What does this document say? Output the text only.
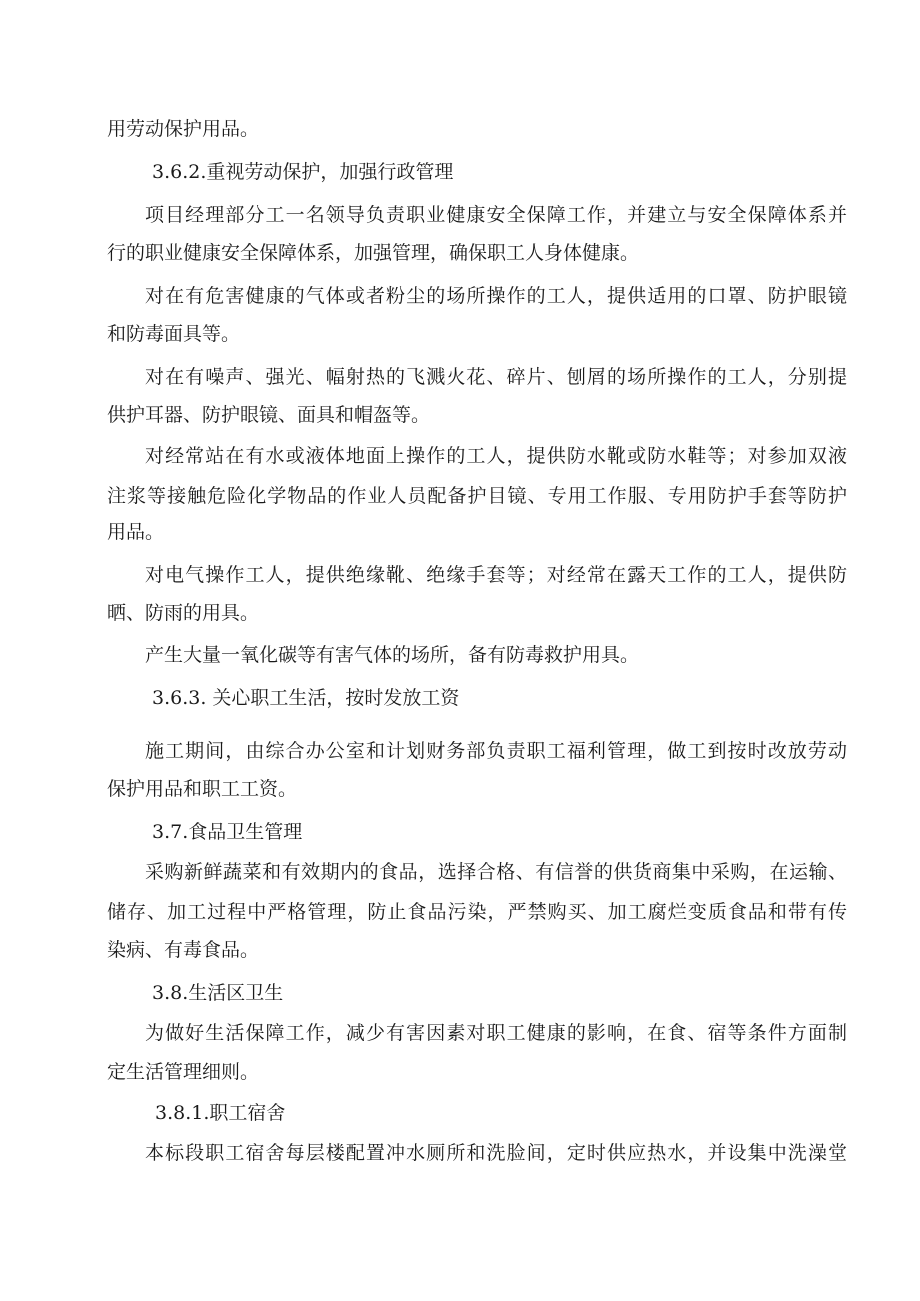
用劳动保护用品。
3.6.2.重视劳动保护，加强行政管理
项目经理部分工一名领导负责职业健康安全保障工作，并建立与安全保障体系并
行的职业健康安全保障体系，加强管理，确保职工人身体健康。
对在有危害健康的气体或者粉尘的场所操作的工人，提供适用的口罩、防护眼镜
和防毒面具等。
对在有噪声、强光、幅射热的飞溅火花、碎片、刨屑的场所操作的工人，分别提
供护耳器、防护眼镜、面具和帽盔等。
对经常站在有水或液体地面上操作的工人，提供防水靴或防水鞋等；对参加双液
注浆等接触危险化学物品的作业人员配备护目镜、专用工作服、专用防护手套等防护
用品。
对电气操作工人，提供绝缘靴、绝缘手套等；对经常在露天工作的工人，提供防
晒、防雨的用具。
产生大量一氧化碳等有害气体的场所，备有防毒救护用具。
3.6.3. 关心职工生活，按时发放工资
施工期间，由综合办公室和计划财务部负责职工福利管理，做工到按时改放劳动
保护用品和职工工资。
3.7.食品卫生管理
采购新鲜蔬菜和有效期内的食品，选择合格、有信誉的供货商集中采购，在运输、
储存、加工过程中严格管理，防止食品污染，严禁购买、加工腐烂变质食品和带有传
染病、有毒食品。
3.8.生活区卫生
为做好生活保障工作，减少有害因素对职工健康的影响，在食、宿等条件方面制
定生活管理细则。
3.8.1.职工宿舍
本标段职工宿舍每层楼配置冲水厕所和洗脸间，定时供应热水，并设集中洗澡堂
